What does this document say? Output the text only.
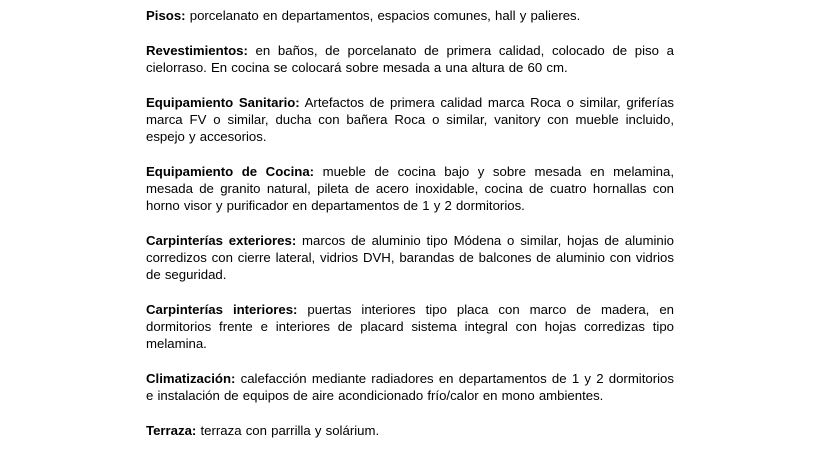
Pisos: porcelanato en departamentos, espacios comunes, hall y palieres.

Revestimientos: en baños, de porcelanato de primera calidad, colocado de piso a cielorraso. En cocina se colocará sobre mesada a una altura de 60 cm.

Equipamiento Sanitario: Artefactos de primera calidad marca Roca o similar, griferías marca FV o similar, ducha con bañera Roca o similar, vanitory con mueble incluido, espejo y accesorios.

Equipamiento de Cocina: mueble de cocina bajo y sobre mesada en melamina, mesada de granito natural, pileta de acero inoxidable, cocina de cuatro hornallas con horno visor y purificador en departamentos de 1 y 2 dormitorios.

Carpinterías exteriores: marcos de aluminio tipo Módena o similar, hojas de aluminio corredizos con cierre lateral, vidrios DVH, barandas de balcones de aluminio con vidrios de seguridad.

Carpinterías interiores: puertas interiores tipo placa con marco de madera, en dormitorios frente e interiores de placard sistema integral con hojas corredizas tipo melamina.

Climatización: calefacción mediante radiadores en departamentos de 1 y 2 dormitorios e instalación de equipos de aire acondicionado frío/calor en mono ambientes.

Terraza: terraza con parrilla y solárium.
